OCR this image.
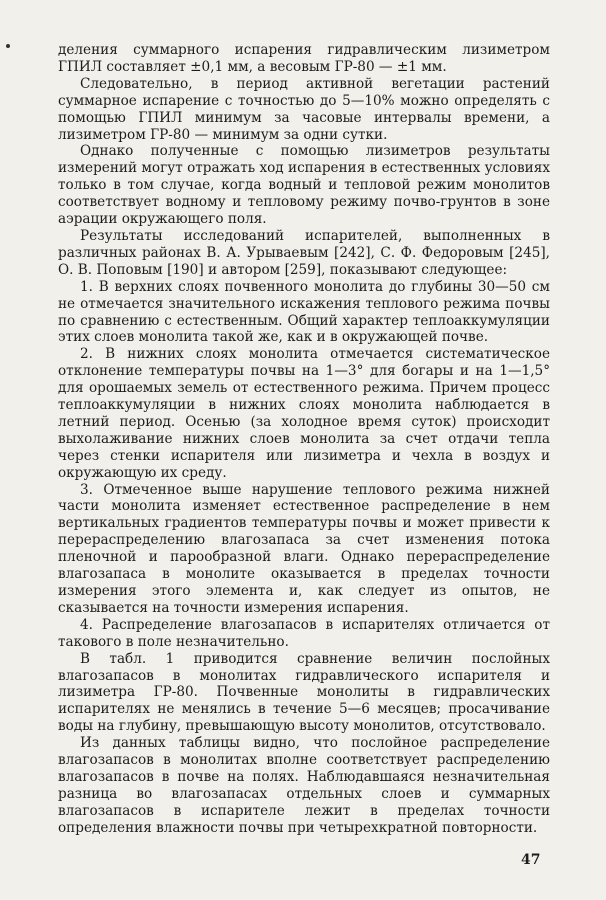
деления суммарного испарения гидравлическим лизиметром ГПИЛ составляет ±0,1 мм, а весовым ГР-80 — ±1 мм.

Следовательно, в период активной вегетации растений суммарное испарение с точностью до 5—10% можно определять с помощью ГПИЛ минимум за часовые интервалы времени, а лизиметром ГР-80 — минимум за одни сутки.

Однако полученные с помощью лизиметров результаты измерений могут отражать ход испарения в естественных условиях только в том случае, когда водный и тепловой режим монолитов соответствует водному и тепловому режиму почво-грунтов в зоне аэрации окружающего поля.

Результаты исследований испарителей, выполненных в различных районах В. А. Урываевым [242], С. Ф. Федоровым [245], О. В. Поповым [190] и автором [259], показывают следующее:

1. В верхних слоях почвенного монолита до глубины 30—50 см не отмечается значительного искажения теплового режима почвы по сравнению с естественным. Общий характер теплоаккумуляции этих слоев монолита такой же, как и в окружающей почве.

2. В нижних слоях монолита отмечается систематическое отклонение температуры почвы на 1—3° для богары и на 1—1,5° для орошаемых земель от естественного режима. Причем процесс теплоаккумуляции в нижних слоях монолита наблюдается в летний период. Осенью (за холодное время суток) происходит выхолаживание нижних слоев монолита за счет отдачи тепла через стенки испарителя или лизиметра и чехла в воздух и окружающую их среду.

3. Отмеченное выше нарушение теплового режима нижней части монолита изменяет естественное распределение в нем вертикальных градиентов температуры почвы и может привести к перераспределению влагозапаса за счет изменения потока пленочной и парообразной влаги. Однако перераспределение влагозапаса в монолите оказывается в пределах точности измерения этого элемента и, как следует из опытов, не сказывается на точности измерения испарения.

4. Распределение влагозапасов в испарителях отличается от такового в поле незначительно.

В табл. 1 приводится сравнение величин послойных влагозапасов в монолитах гидравлического испарителя и лизиметра ГР-80. Почвенные монолиты в гидравлических испарителях не менялись в течение 5—6 месяцев; просачивание воды на глубину, превышающую высоту монолитов, отсутствовало.

Из данных таблицы видно, что послойное распределение влагозапасов в монолитах вполне соответствует распределению влагозапасов в почве на полях. Наблюдавшаяся незначительная разница во влагозапасах отдельных слоев и суммарных влагозапасов в испарителе лежит в пределах точности определения влажности почвы при четырехкратной повторности.

47
